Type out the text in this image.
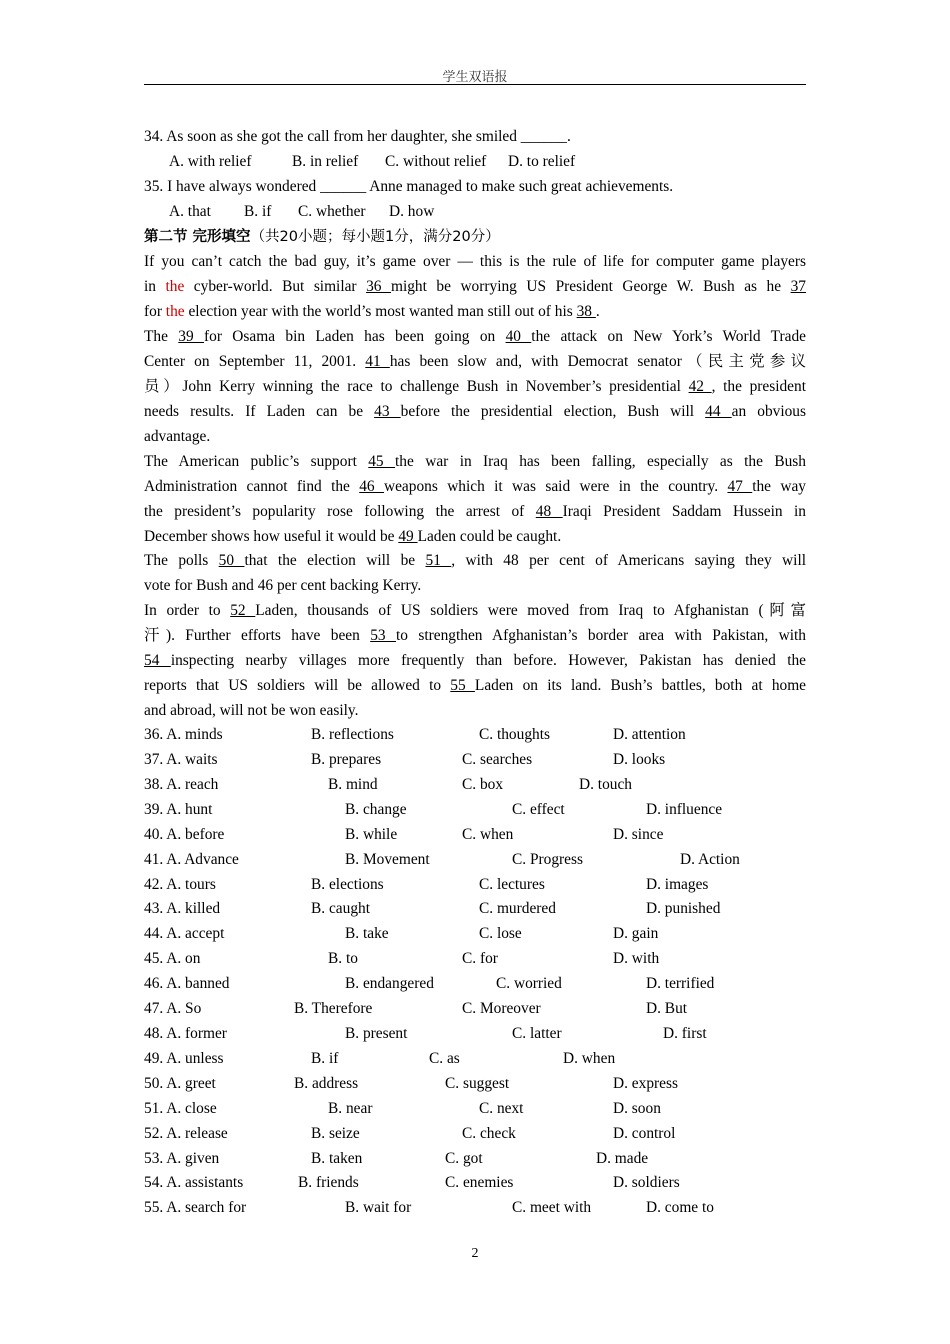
学生双语报
34. As soon as she got the call from her daughter, she smiled ______.
A. with relief	B. in relief C. without relief D. to relief
35. I have always wondered ______ Anne managed to make such great achievements.
A. that B. if C. whether D. how
第二节 完形填空（共20小题；每小题1分，满分20分）
If you can’t catch the bad guy, it’s game over — this is the rule of life for computer game players
in the cyber-world. But similar 36 might be worrying US President George W. Bush as he 37
for the election year with the world’s most wanted man still out of his 38 .
The 39 for Osama bin Laden has been going on 40 the attack on New York’s World Trade
Center on September 11, 2001. 41 has been slow and, with Democrat senator（民主党参议
员）John Kerry winning the race to challenge Bush in November’s presidential 42 , the president
needs results. If Laden can be 43 before the presidential election, Bush will 44 an obvious
advantage.
The American public’s support 45 the war in Iraq has been falling, especially as the Bush
Administration cannot find the 46 weapons which it was said were in the country. 47 the way
the president’s popularity rose following the arrest of 48 Iraqi President Saddam Hussein in
December shows how useful it would be 49 Laden could be caught.
The polls 50 that the election will be 51 , with 48 per cent of Americans saying they will
vote for Bush and 46 per cent backing Kerry.
In order to 52 Laden, thousands of US soldiers were moved from Iraq to Afghanistan (阿富
汗). Further efforts have been 53 to strengthen Afghanistan’s border area with Pakistan, with
54 inspecting nearby villages more frequently than before. However, Pakistan has denied the
reports that US soldiers will be allowed to 55 Laden on its land. Bush’s battles, both at home
and abroad, will not be won easily.
36. A. minds	B. reflections	C. thoughts	D. attention
37. A. waits	B. prepares	C. searches	D. looks
38. A. reach	B. mind	C. box	D. touch
39. A. hunt	B. change	C. effect	D. influence
40. A. before	B. while	C. when	D. since
41. A. Advance	B. Movement	C. Progress	D. Action
42. A. tours	B. elections	C. lectures	D. images
43. A. killed	B. caught	C. murdered	D. punished
44. A. accept	B. take	C. lose	D. gain
45. A. on	B. to	C. for	D. with
46. A. banned	B. endangered	C. worried	D. terrified
47. A. So	B. Therefore	C. Moreover	D. But
48. A. former	B. present	C. latter	D. first
49. A. unless	B. if	C. as	D. when
50. A. greet	B. address	C. suggest	D. express
51. A. close	B. near	C. next	D. soon
52. A. release	B. seize	C. check	D. control
53. A. given	B. taken	C. got	D. made
54. A. assistants	B. friends	C. enemies	D. soldiers
55. A. search for	B. wait for	C. meet with	D. come to
2
